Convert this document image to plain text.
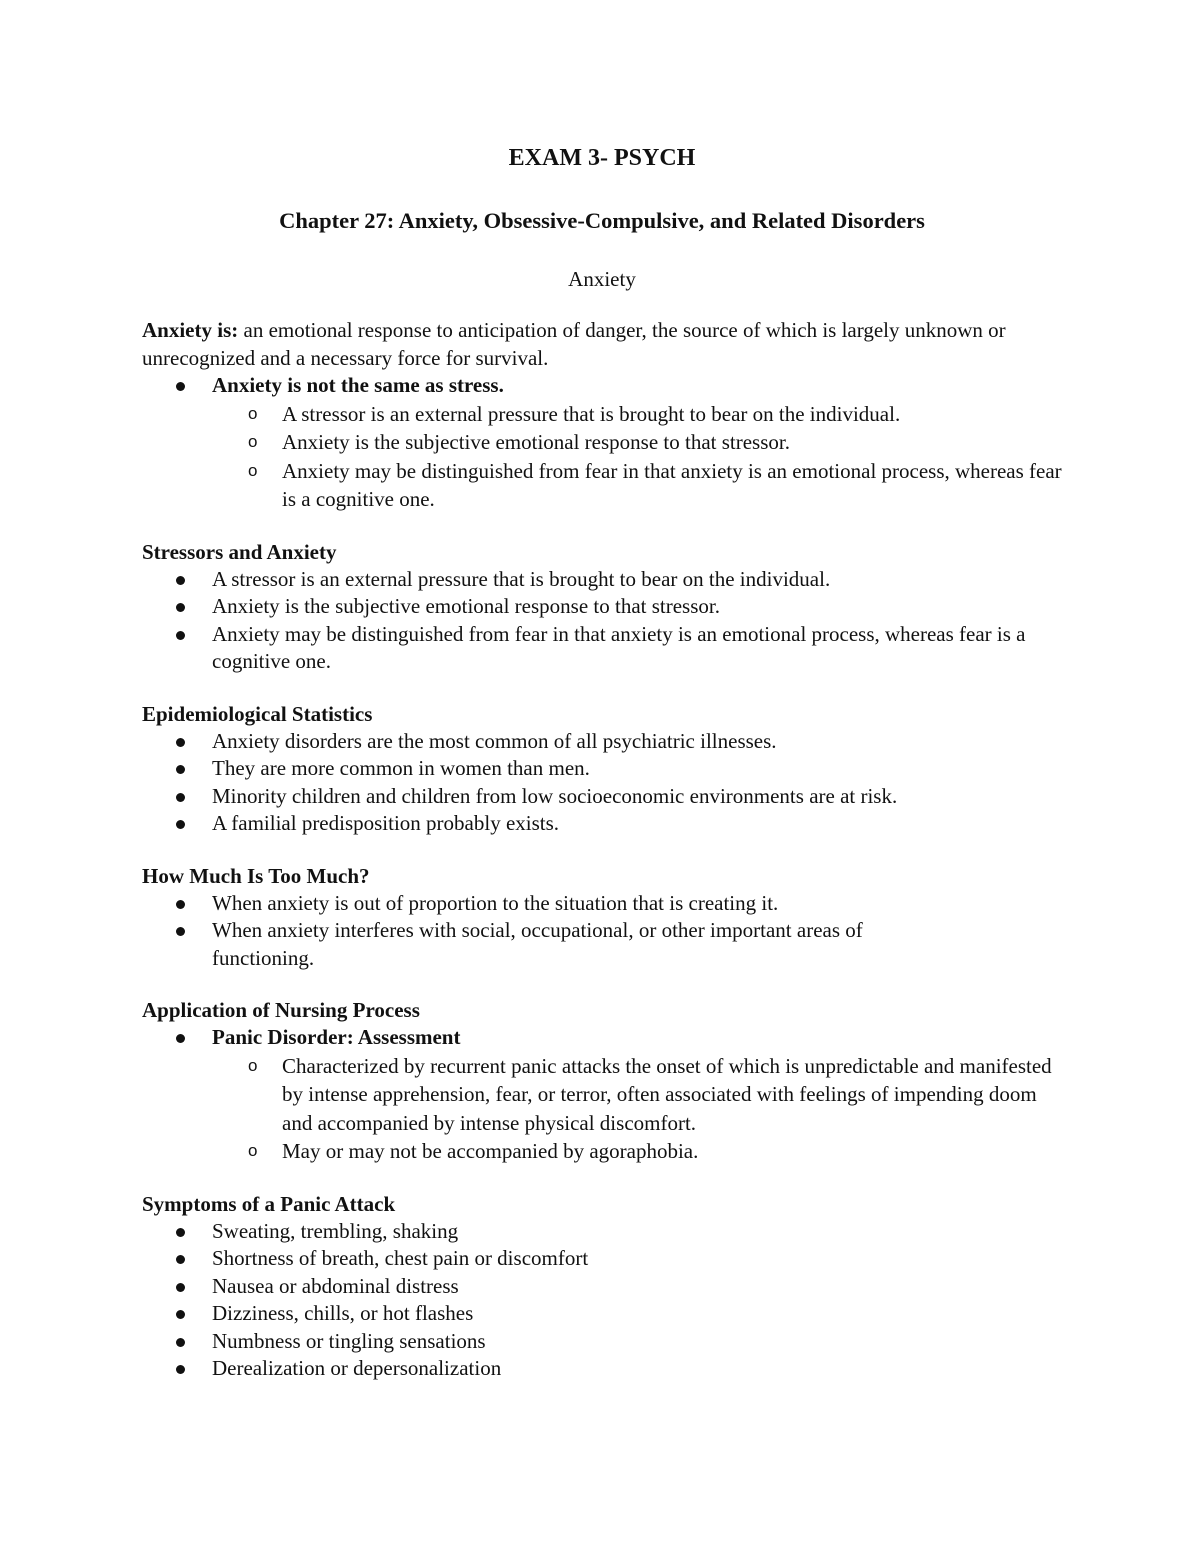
EXAM 3- PSYCH
Chapter 27: Anxiety, Obsessive-Compulsive, and Related Disorders
Anxiety

Anxiety is: an emotional response to anticipation of danger, the source of which is largely unknown or unrecognized and a necessary force for survival.

Anxiety is not the same as stress.
o A stressor is an external pressure that is brought to bear on the individual.
o Anxiety is the subjective emotional response to that stressor.
o Anxiety may be distinguished from fear in that anxiety is an emotional process, whereas fear is a cognitive one.
Stressors and Anxiety
A stressor is an external pressure that is brought to bear on the individual.
Anxiety is the subjective emotional response to that stressor.
Anxiety may be distinguished from fear in that anxiety is an emotional process, whereas fear is a cognitive one.
Epidemiological Statistics
Anxiety disorders are the most common of all psychiatric illnesses.
They are more common in women than men.
Minority children and children from low socioeconomic environments are at risk.
A familial predisposition probably exists.
How Much Is Too Much?
When anxiety is out of proportion to the situation that is creating it.
When anxiety interferes with social, occupational, or other important areas of functioning.
Application of Nursing Process
Panic Disorder: Assessment
o Characterized by recurrent panic attacks the onset of which is unpredictable and manifested by intense apprehension, fear, or terror, often associated with feelings of impending doom and accompanied by intense physical discomfort.
o May or may not be accompanied by agoraphobia.
Symptoms of a Panic Attack
Sweating, trembling, shaking
Shortness of breath, chest pain or discomfort
Nausea or abdominal distress
Dizziness, chills, or hot flashes
Numbness or tingling sensations
Derealization or depersonalization
